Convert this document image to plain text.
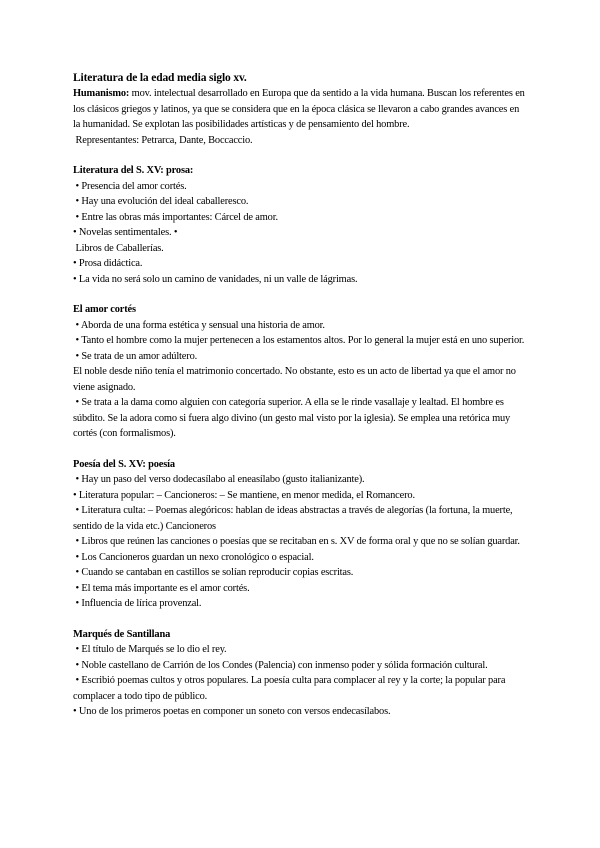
Literatura de la edad media siglo xv.

Humanismo: mov. intelectual desarrollado en Europa que da sentido a la vida humana. Buscan los referentes en los clásicos griegos y latinos, ya que se considera que en la época clásica se llevaron a cabo grandes avances en la humanidad. Se explotan las posibilidades artísticas y de pensamiento del hombre.

Representantes: Petrarca, Dante, Boccaccio.

Literatura del S. XV: prosa:

• Presencia del amor cortés.

• Hay una evolución del ideal caballeresco.

• Entre las obras más importantes: Cárcel de amor.

• Novelas sentimentales. •

Libros de Caballerías.

• Prosa didáctica.

• La vida no será solo un camino de vanidades, ni un valle de lágrimas.

El amor cortés

• Aborda de una forma estética y sensual una historia de amor.

• Tanto el hombre como la mujer pertenecen a los estamentos altos. Por lo general la mujer está en uno superior.

• Se trata de un amor adúltero.

El noble desde niño tenía el matrimonio concertado. No obstante, esto es un acto de libertad ya que el amor no viene asignado.

• Se trata a la dama como alguien con categoría superior. A ella se le rinde vasallaje y lealtad. El hombre es súbdito. Se la adora como si fuera algo divino (un gesto mal visto por la iglesia). Se emplea una retórica muy cortés (con formalismos).

Poesía del S. XV: poesía

• Hay un paso del verso dodecasílabo al eneasílabo (gusto italianizante).

• Literatura popular: – Cancioneros: – Se mantiene, en menor medida, el Romancero.

• Literatura culta: – Poemas alegóricos: hablan de ideas abstractas a través de alegorías (la fortuna, la muerte, sentido de la vida etc.) Cancioneros

• Libros que reúnen las canciones o poesías que se recitaban en s. XV de forma oral y que no se solían guardar.

• Los Cancioneros guardan un nexo cronológico o espacial.

• Cuando se cantaban en castillos se solían reproducir copias escritas.

• El tema más importante es el amor cortés.

• Influencia de lírica provenzal.

Marqués de Santillana

• El título de Marqués se lo dio el rey.

• Noble castellano de Carrión de los Condes (Palencia) con inmenso poder y sólida formación cultural.

• Escribió poemas cultos y otros populares. La poesía culta para complacer al rey y la corte; la popular para complacer a todo tipo de público.

• Uno de los primeros poetas en componer un soneto con versos endecasílabos.
